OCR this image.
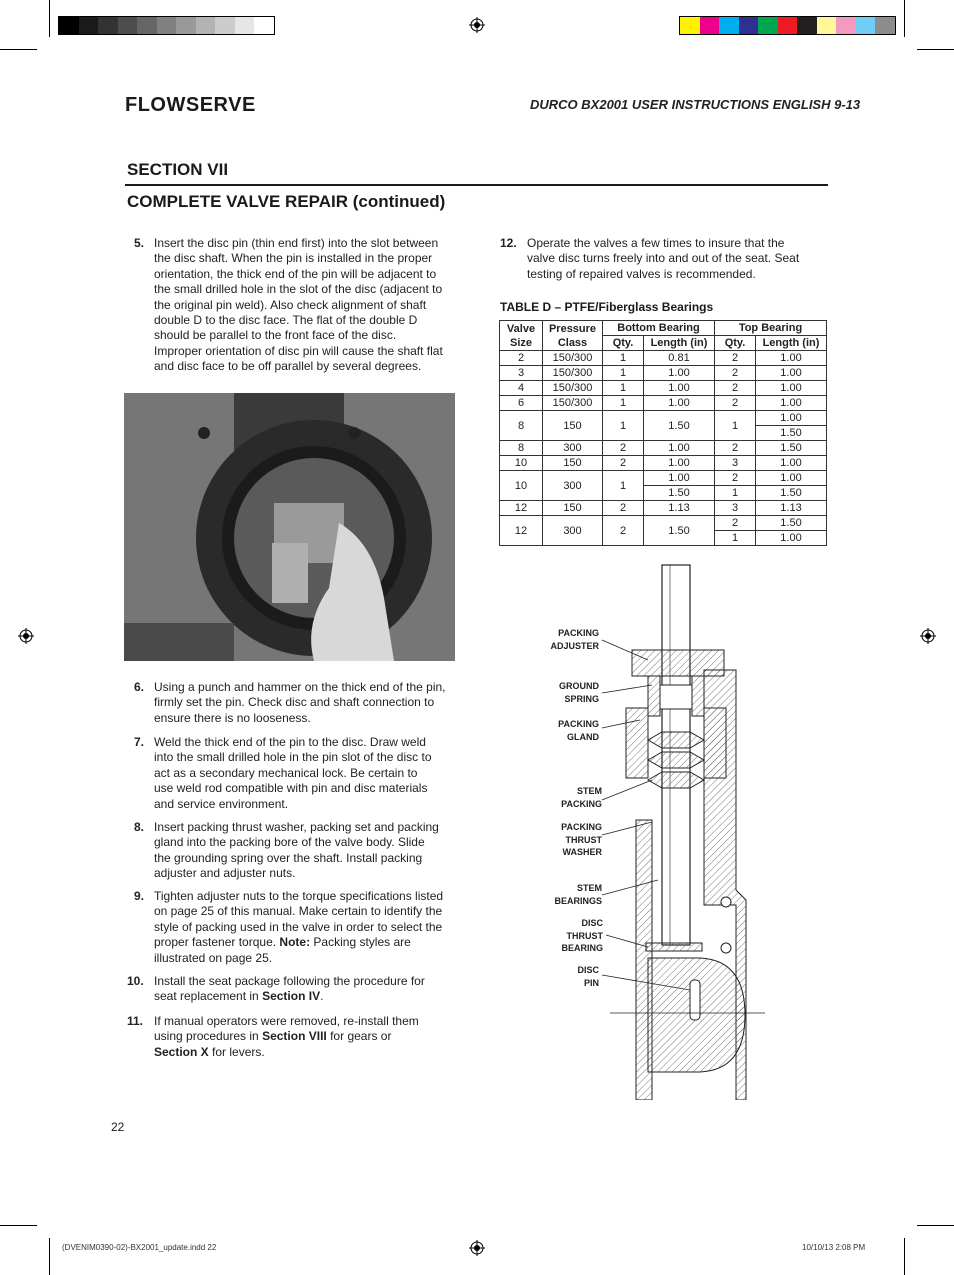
FLOWSERVE	DURCO BX2001 USER INSTRUCTIONS ENGLISH 9-13
SECTION VII
COMPLETE VALVE REPAIR (continued)
5. Insert the disc pin (thin end first) into the slot between the disc shaft. When the pin is installed in the proper orientation, the thick end of the pin will be adjacent to the small drilled hole in the slot of the disc (adjacent to the original pin weld). Also check alignment of shaft double D to the disc face. The flat of the double D should be parallel to the front face of the disc. Improper orientation of disc pin will cause the shaft flat and disc face to be off parallel by several degrees.
6. Using a punch and hammer on the thick end of the pin, firmly set the pin. Check disc and shaft connection to ensure there is no looseness.
7. Weld the thick end of the pin to the disc. Draw weld into the small drilled hole in the pin slot of the disc to act as a secondary mechanical lock. Be certain to use weld rod compatible with pin and disc materials and service environment.
8. Insert packing thrust washer, packing set and packing gland into the packing bore of the valve body. Slide the grounding spring over the shaft. Install packing adjuster and adjuster nuts.
9. Tighten adjuster nuts to the torque specifications listed on page 25 of this manual. Make certain to identify the style of packing used in the valve in order to select the proper fastener torque. Note: Packing styles are illustrated on page 25.
10. Install the seat package following the procedure for seat replacement in Section IV.
11. If manual operators were removed, re-install them using procedures in Section VIII for gears or Section X for levers.
12. Operate the valves a few times to insure that the valve disc turns freely into and out of the seat. Seat testing of repaired valves is recommended.
TABLE D – PTFE/Fiberglass Bearings
Valve Size	Pressure Class	Bottom Bearing		Top Bearing	
		Qty.	Length (in)	Qty.	Length (in)
2	150/300	1	0.81	2	1.00
3	150/300	1	1.00	2	1.00
4	150/300	1	1.00	2	1.00
6	150/300	1	1.00	2	1.00
8	150	1	1.50	1	1.00
					1.50
8	300	2	1.00	2	1.50
10	150	2	1.00	3	1.00
10	300	1	1.00	2	1.00
			1.50	1	1.50
12	150	2	1.13	3	1.13
12	300	2	1.50	2	1.50
				1	1.00
PACKING
ADJUSTER
GROUND
SPRING
PACKING
GLAND
STEM
PACKING
PACKING
THRUST
WASHER
STEM
BEARINGS
DISC
THRUST
BEARING
DISC
PIN
22
(DVENIM0390-02)-BX2001_update.indd 22	10/10/13 2:08 PM
